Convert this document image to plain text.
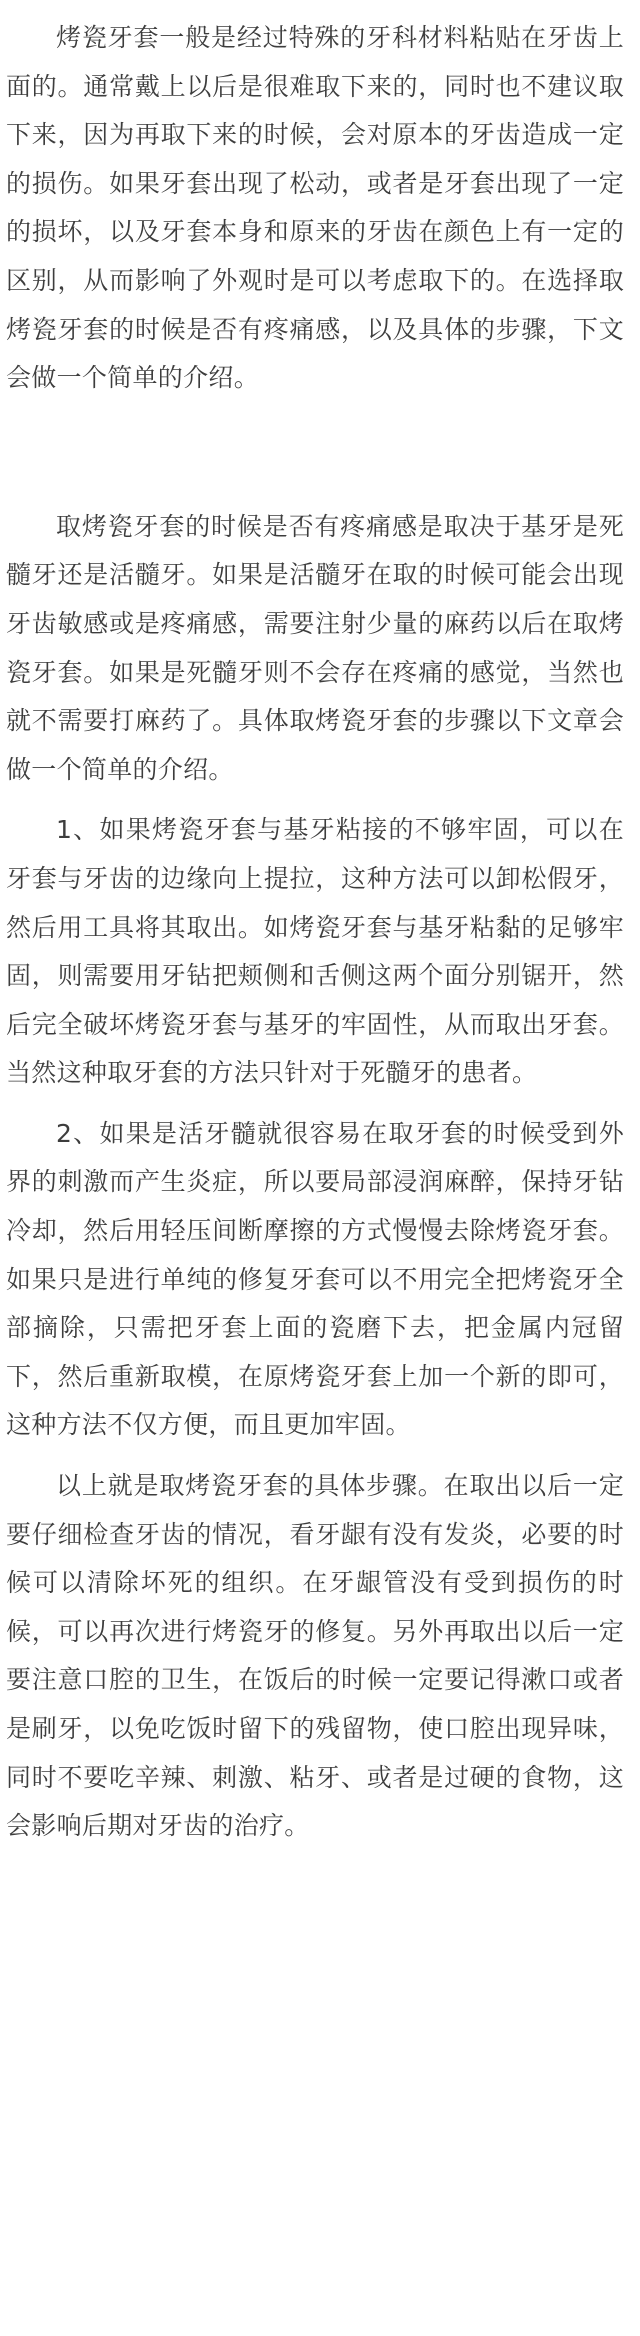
烤瓷牙套一般是经过特殊的牙科材料粘贴在牙齿上面的。通常戴上以后是很难取下来的，同时也不建议取下来，因为再取下来的时候，会对原本的牙齿造成一定的损伤。如果牙套出现了松动，或者是牙套出现了一定的损坏，以及牙套本身和原来的牙齿在颜色上有一定的区别，从而影响了外观时是可以考虑取下的。在选择取烤瓷牙套的时候是否有疼痛感，以及具体的步骤，下文会做一个简单的介绍。

取烤瓷牙套的时候是否有疼痛感是取决于基牙是死髓牙还是活髓牙。如果是活髓牙在取的时候可能会出现牙齿敏感或是疼痛感，需要注射少量的麻药以后在取烤瓷牙套。如果是死髓牙则不会存在疼痛的感觉，当然也就不需要打麻药了。具体取烤瓷牙套的步骤以下文章会做一个简单的介绍。

1、如果烤瓷牙套与基牙粘接的不够牢固，可以在牙套与牙齿的边缘向上提拉，这种方法可以卸松假牙，然后用工具将其取出。如烤瓷牙套与基牙粘黏的足够牢固，则需要用牙钻把颊侧和舌侧这两个面分别锯开，然后完全破坏烤瓷牙套与基牙的牢固性，从而取出牙套。当然这种取牙套的方法只针对于死髓牙的患者。

2、如果是活牙髓就很容易在取牙套的时候受到外界的刺激而产生炎症，所以要局部浸润麻醉，保持牙钻冷却，然后用轻压间断摩擦的方式慢慢去除烤瓷牙套。如果只是进行单纯的修复牙套可以不用完全把烤瓷牙全部摘除，只需把牙套上面的瓷磨下去，把金属内冠留下，然后重新取模，在原烤瓷牙套上加一个新的即可，这种方法不仅方便，而且更加牢固。

以上就是取烤瓷牙套的具体步骤。在取出以后一定要仔细检查牙齿的情况，看牙龈有没有发炎，必要的时候可以清除坏死的组织。在牙龈管没有受到损伤的时候，可以再次进行烤瓷牙的修复。另外再取出以后一定要注意口腔的卫生，在饭后的时候一定要记得漱口或者是刷牙，以免吃饭时留下的残留物，使口腔出现异味，同时不要吃辛辣、刺激、粘牙、或者是过硬的食物，这会影响后期对牙齿的治疗。
